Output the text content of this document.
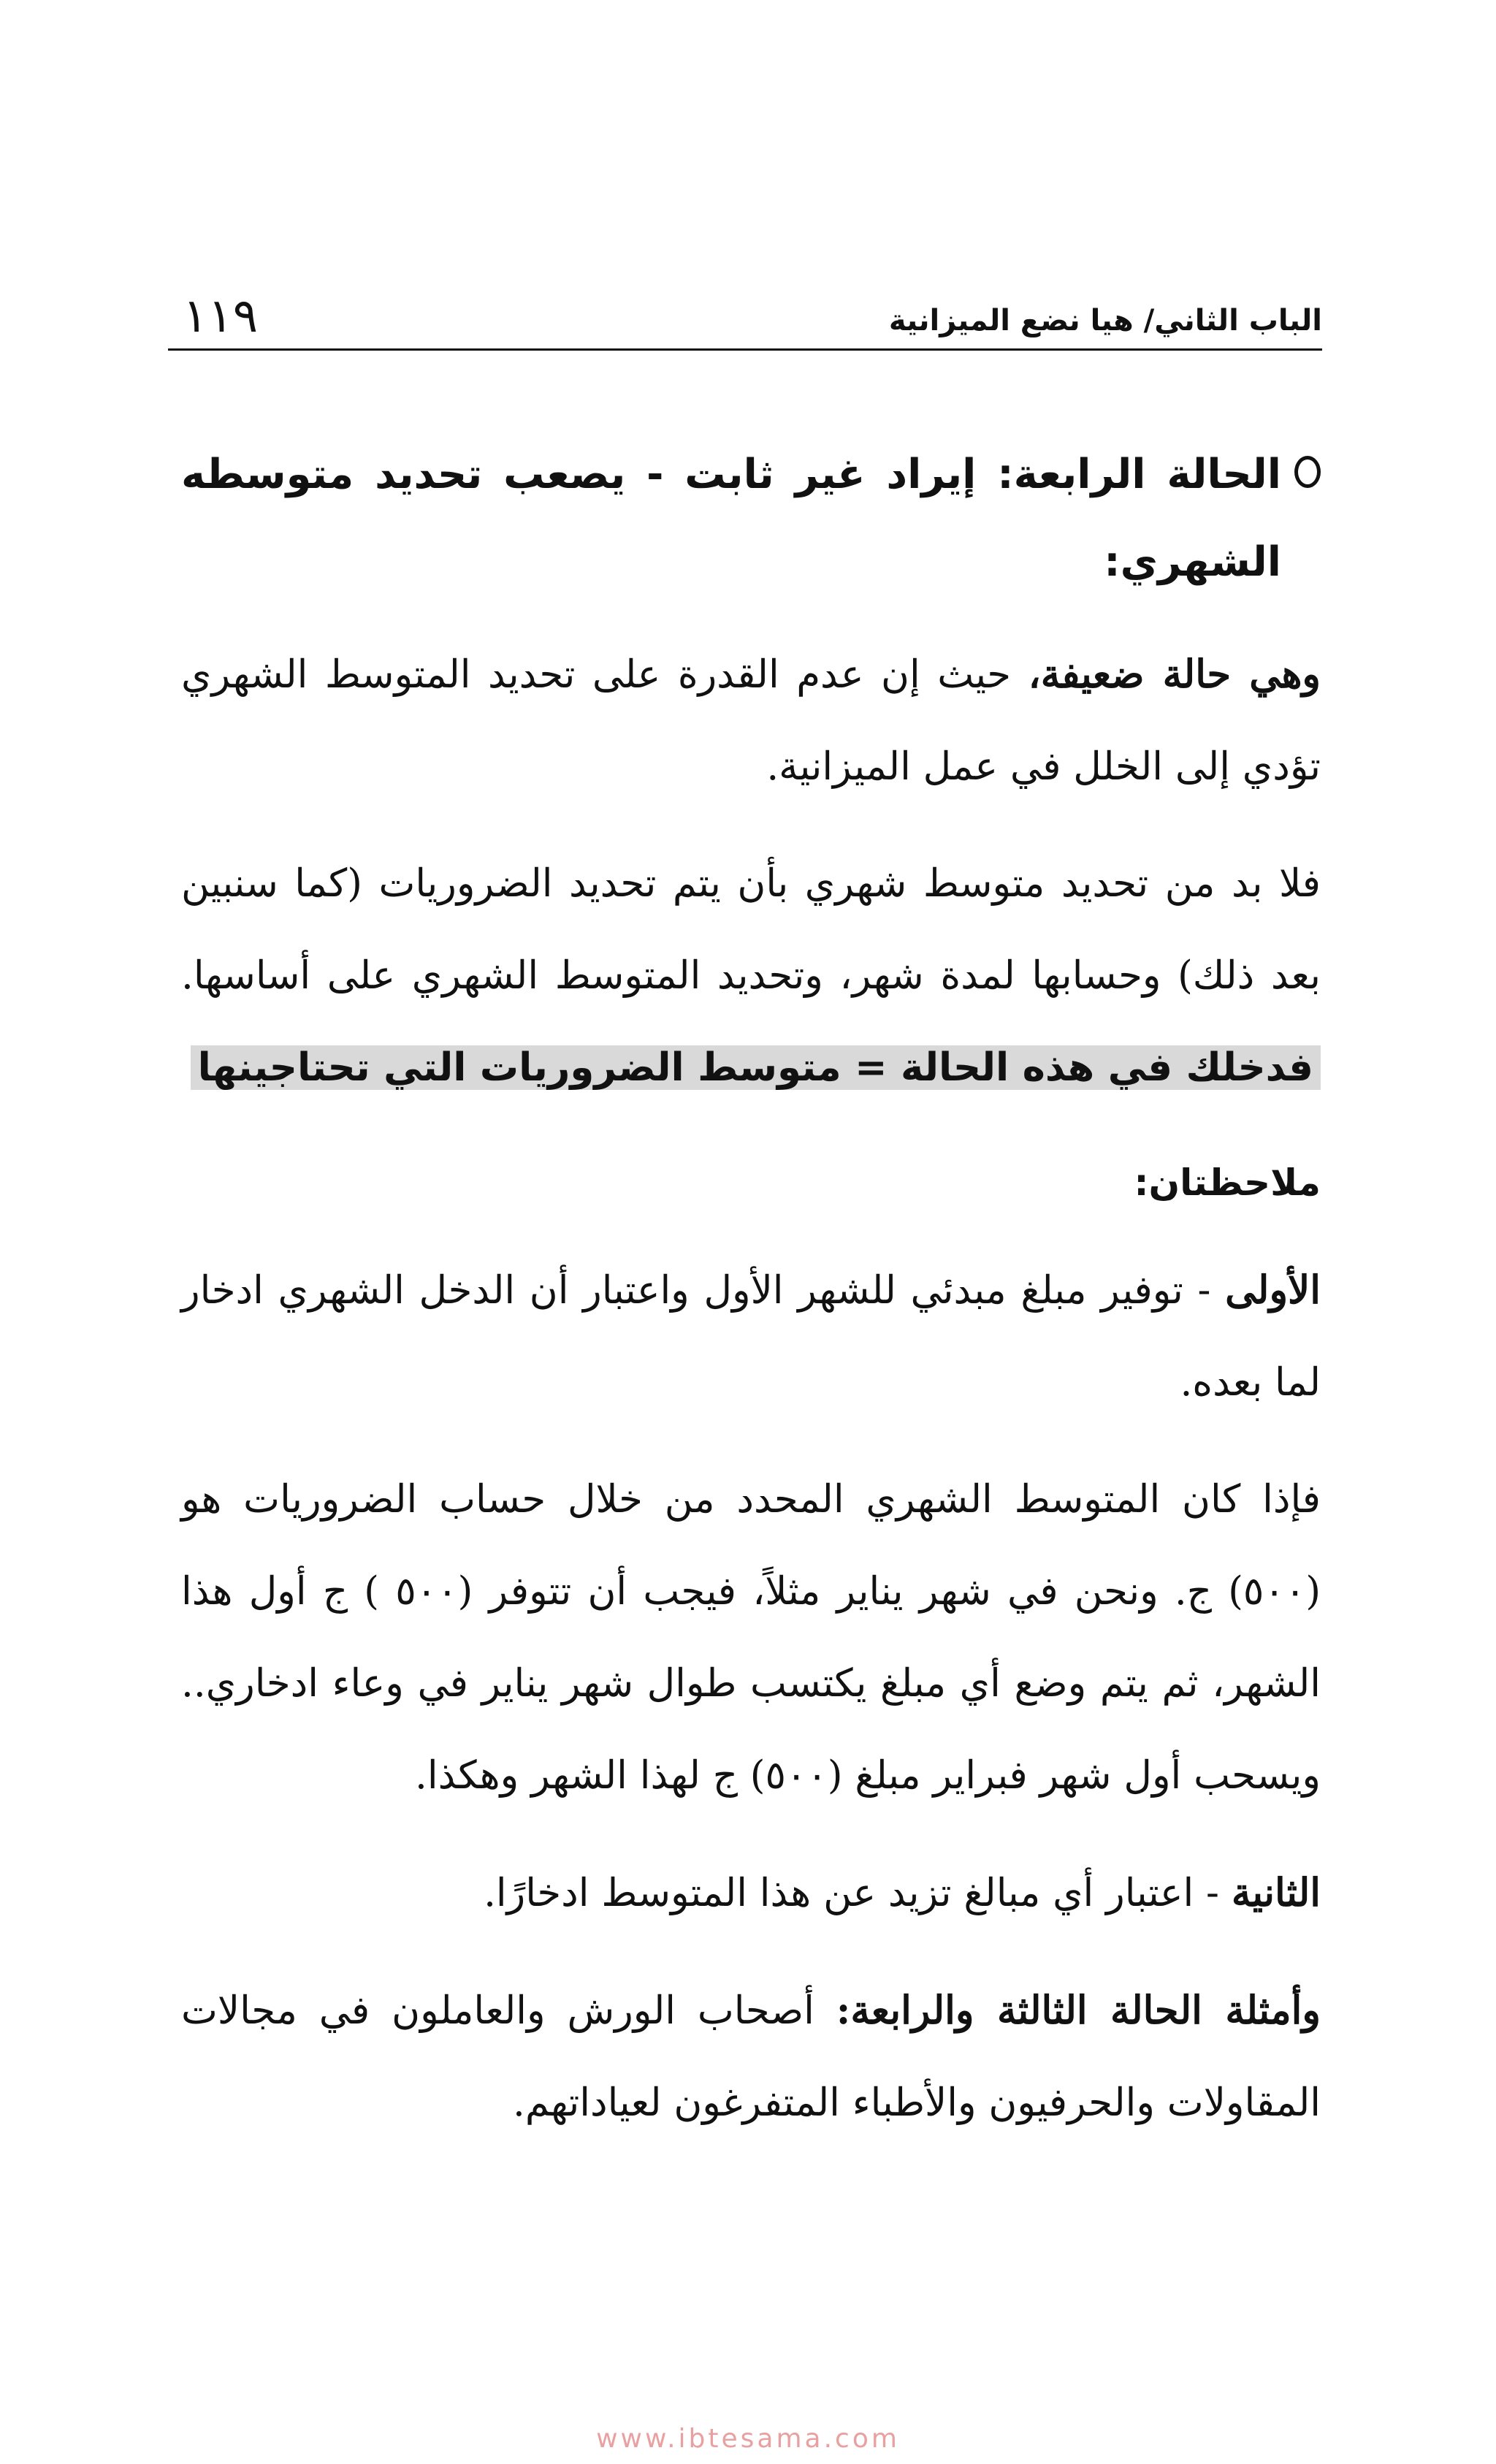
الباب الثاني/ هيا نضع الميزانية
١١٩
الحالة الرابعة: إيراد غير ثابت - يصعب تحديد متوسطه الشهري:

وهي حالة ضعيفة، حيث إن عدم القدرة على تحديد المتوسط الشهري تؤدي إلى الخلل في عمل الميزانية.

فلا بد من تحديد متوسط شهري بأن يتم تحديد الضروريات (كما سنبين بعد ذلك) وحسابها لمدة شهر، وتحديد المتوسط الشهري على أساسها. فدخلك في هذه الحالة = متوسط الضروريات التي تحتاجينها

ملاحظتان:

الأولى - توفير مبلغ مبدئي للشهر الأول واعتبار أن الدخل الشهري ادخار لما بعده.

فإذا كان المتوسط الشهري المحدد من خلال حساب الضروريات هو (٥٠٠) ج. ونحن في شهر يناير مثلاً، فيجب أن تتوفر (٥٠٠ ) ج أول هذا الشهر، ثم يتم وضع أي مبلغ يكتسب طوال شهر يناير في وعاء ادخاري.. ويسحب أول شهر فبراير مبلغ (٥٠٠) ج لهذا الشهر وهكذا.

الثانية - اعتبار أي مبالغ تزيد عن هذا المتوسط ادخارًا.

وأمثلة الحالة الثالثة والرابعة: أصحاب الورش والعاملون في مجالات المقاولات والحرفيون والأطباء المتفرغون لعياداتهم.

www.ibtesama.com
